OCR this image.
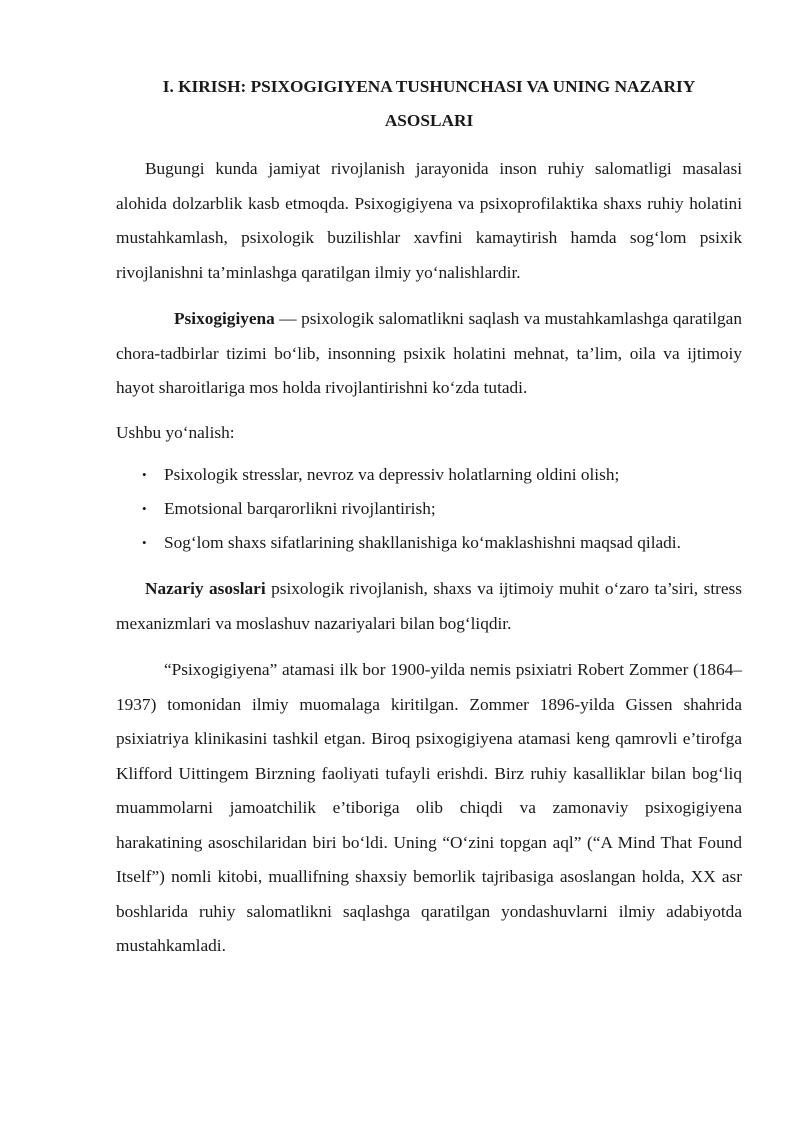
I. KIRISH: PSIXOGIGIYENA TUSHUNCHASI VA UNING NAZARIY
ASOSLARI

Bugungi kunda jamiyat rivojlanish jarayonida inson ruhiy salomatligi masalasi alohida dolzarblik kasb etmoqda. Psixogigiyena va psixoprofilaktika shaxs ruhiy holatini mustahkamlash, psixologik buzilishlar xavfini kamaytirish hamda sog‘lom psixik rivojlanishni ta’minlashga qaratilgan ilmiy yo‘nalishlardir.

Psixogigiyena — psixologik salomatlikni saqlash va mustahkamlashga qaratilgan chora-tadbirlar tizimi bo‘lib, insonning psixik holatini mehnat, ta’lim, oila va ijtimoiy hayot sharoitlariga mos holda rivojlantirishni ko‘zda tutadi.

Ushbu yo‘nalish:

• Psixologik stresslar, nevroz va depressiv holatlarning oldini olish;
• Emotsional barqarorlikni rivojlantirish;
• Sog‘lom shaxs sifatlarining shakllanishiga ko‘maklashishni maqsad qiladi.

Nazariy asoslari psixologik rivojlanish, shaxs va ijtimoiy muhit o‘zaro ta’siri, stress mexanizmlari va moslashuv nazariyalari bilan bog‘liqdir.

“Psixogigiyena” atamasi ilk bor 1900-yilda nemis psixiatri Robert Zommer (1864–1937) tomonidan ilmiy muomalaga kiritilgan. Zommer 1896-yilda Gissen shahrida psixiatriya klinikasini tashkil etgan. Biroq psixogigiyena atamasi keng qamrovli e’tirofga Klifford Uittingem Birzning faoliyati tufayli erishdi. Birz ruhiy kasalliklar bilan bog‘liq muammolarni jamoatchilik e’tiboriga olib chiqdi va zamonaviy psixogigiyena harakatining asoschilaridan biri bo‘ldi. Uning “O‘zini topgan aql” (“A Mind That Found Itself”) nomli kitobi, muallifning shaxsiy bemorlik tajribasiga asoslangan holda, XX asr boshlarida ruhiy salomatlikni saqlashga qaratilgan yondashuvlarni ilmiy adabiyotda mustahkamladi.
